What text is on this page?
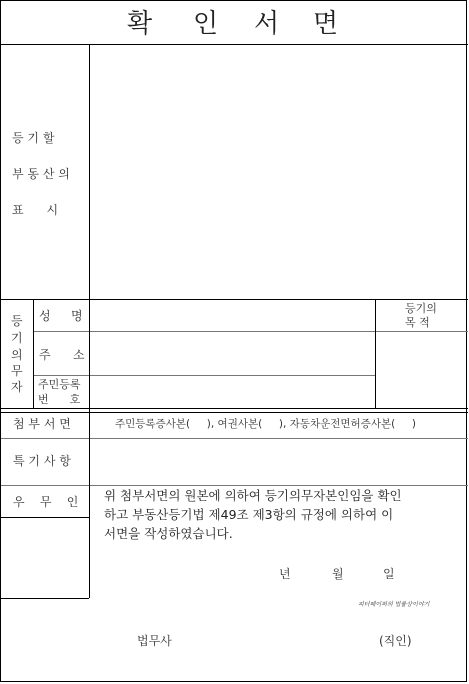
확 인 서 면
등 기 할
부 동 산 의
표      시
등
기
의
무
자
성 명
주 소
주민등록
번      호
등기의
목 적
첨 부 서 면	주민등록증사본(     ), 여권사본(     ), 자동차운전면허증사본(     )
특 기 사 항
우    무    인 위 첨부서면의 원본에 의하여 등기의무자본인임을 확인
하고 부동산등기법 제49조 제3항의 규정에 의하여 이
서면을 작성하였습니다.
년	월	일
피터페이퍼의 법률상이야기
법무사	(직인)
